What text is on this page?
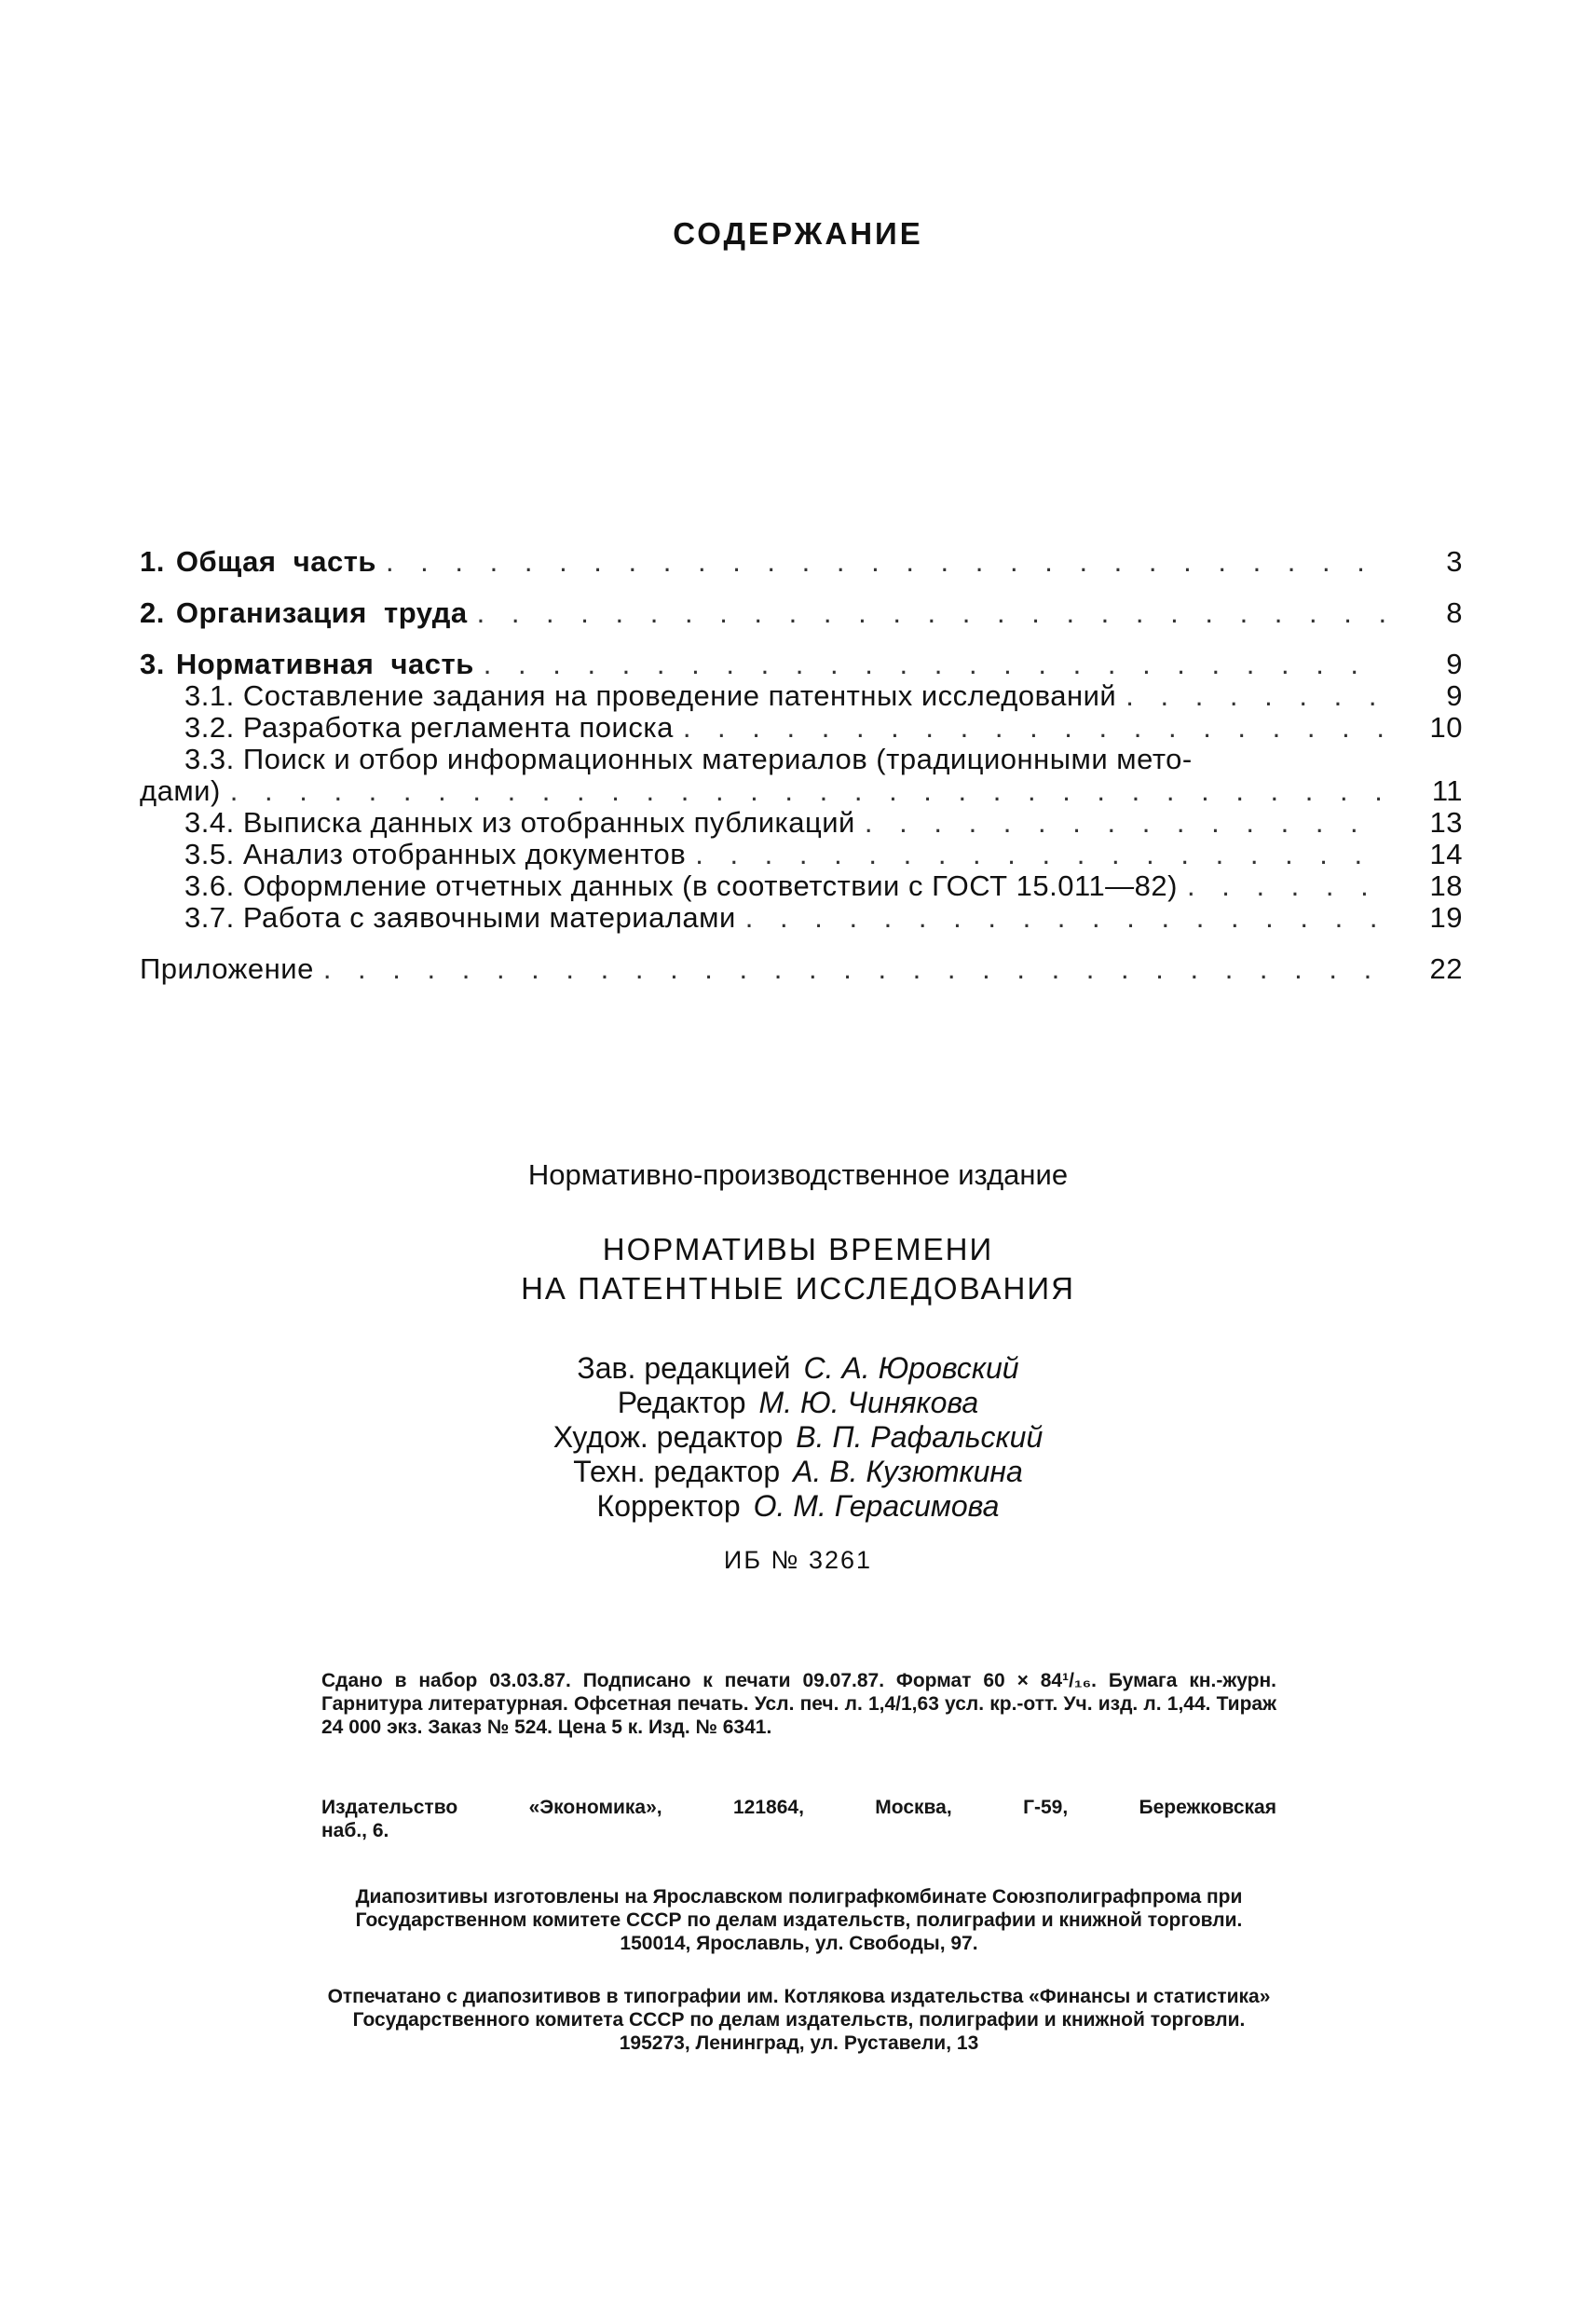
СОДЕРЖАНИЕ
1. Общая  часть . . .	3
2. Организация  труда . . .	8
3. Нормативная  часть . . .	9
3.1. Составление задания на проведение патентных исследований . . .	9
3.2. Разработка регламента поиска . . .	10
3.3. Поиск и отбор информационных материалов (традиционными мето-
дами) . . .	11
3.4. Выписка данных из отобранных публикаций . . .	13
3.5. Анализ отобранных документов . . .	14
3.6. Оформление отчетных данных (в соответствии с ГОСТ 15.011—82) . . .	18
3.7. Работа с заявочными материалами . . .	19
Приложение . . .	22
Нормативно-производственное издание
НОРМАТИВЫ ВРЕМЕНИ
НА ПАТЕНТНЫЕ ИССЛЕДОВАНИЯ
Зав. редакцией С. А. Юровский
Редактор М. Ю. Чинякова
Худож. редактор В. П. Рафальский
Техн. редактор А. В. Кузюткина
Корректор О. М. Герасимова
ИБ № 3261
Сдано в набор 03.03.87. Подписано к печати 09.07.87. Формат 60 × 84¹/₁₆. Бумага кн.-журн. Гарнитура литературная. Офсетная печать. Усл. печ. л. 1,4/1,63 усл. кр.-отт. Уч. изд. л. 1,44. Тираж 24 000 экз. Заказ № 524. Цена 5 к. Изд. № 6341.
Издательство	«Экономика»,	121864,	Москва,	Г-59,	Бережковская
наб., 6.
Диапозитивы изготовлены на Ярославском полиграфкомбинате Союзполиграфпрома при Государственном комитете СССР по делам издательств, полиграфии и книжной торговли. 150014, Ярославль, ул. Свободы, 97.
Отпечатано с диапозитивов в типографии им. Котлякова издательства «Финансы и статистика» Государственного комитета СССР по делам издательств, полиграфии и книжной торговли. 195273, Ленинград, ул. Руставели, 13
